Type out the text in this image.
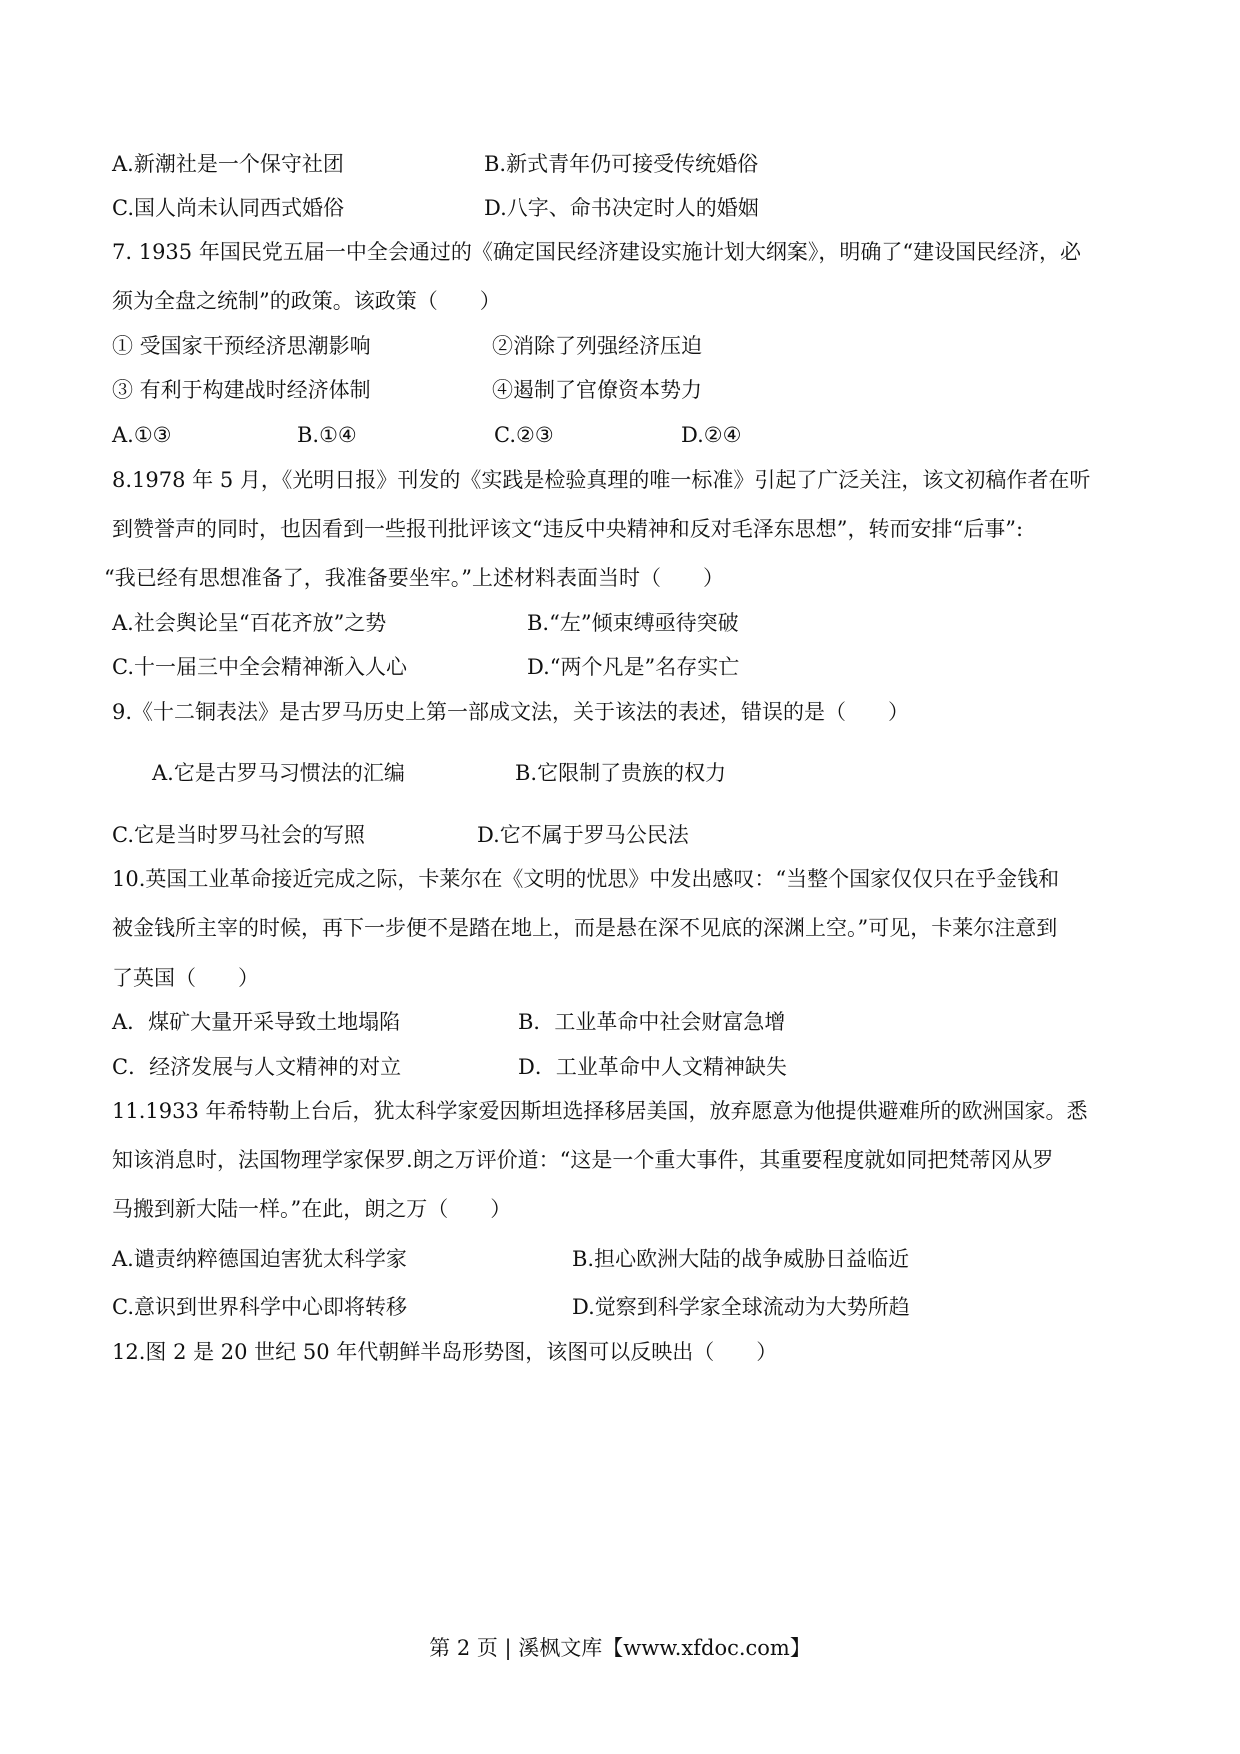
A.新潮社是一个保守社团	B.新式青年仍可接受传统婚俗
C.国人尚未认同西式婚俗	D.八字、命书决定时人的婚姻
7. 1935 年国民党五届一中全会通过的《确定国民经济建设实施计划大纲案》，明确了“建设国民经济，必
须为全盘之统制”的政策。该政策（　　）
① 受国家干预经济思潮影响	②消除了列强经济压迫
③ 有利于构建战时经济体制	④遏制了官僚资本势力
A.①③	B.①④	C.②③	D.②④
8.1978 年 5 月，《光明日报》刊发的《实践是检验真理的唯一标准》引起了广泛关注，该文初稿作者在听
到赞誉声的同时，也因看到一些报刊批评该文“违反中央精神和反对毛泽东思想”，转而安排“后事”:
“我已经有思想准备了，我准备要坐牢。”上述材料表面当时（　　）
A.社会舆论呈“百花齐放”之势	B.“左”倾束缚亟待突破
C.十一届三中全会精神渐入人心	D.“两个凡是”名存实亡
9.《十二铜表法》是古罗马历史上第一部成文法，关于该法的表述，错误的是（　　）
A.它是古罗马习惯法的汇编	B.它限制了贵族的权力
C.它是当时罗马社会的写照	D.它不属于罗马公民法
10.英国工业革命接近完成之际，卡莱尔在《文明的忧思》中发出感叹：“当整个国家仅仅只在乎金钱和
被金钱所主宰的时候，再下一步便不是踏在地上，而是悬在深不见底的深渊上空。”可见，卡莱尔注意到
了英国（　　）
A．煤矿大量开采导致土地塌陷	B．工业革命中社会财富急增
C．经济发展与人文精神的对立	D．工业革命中人文精神缺失
11.1933 年希特勒上台后，犹太科学家爱因斯坦选择移居美国，放弃愿意为他提供避难所的欧洲国家。悉
知该消息时，法国物理学家保罗.朗之万评价道：“这是一个重大事件，其重要程度就如同把梵蒂冈从罗
马搬到新大陆一样。”在此，朗之万（　　）
A.谴责纳粹德国迫害犹太科学家	B.担心欧洲大陆的战争威胁日益临近
C.意识到世界科学中心即将转移	D.觉察到科学家全球流动为大势所趋
12.图 2 是 20 世纪 50 年代朝鲜半岛形势图，该图可以反映出（　　）
第 2 页 | 溪枫文库【www.xfdoc.com】
